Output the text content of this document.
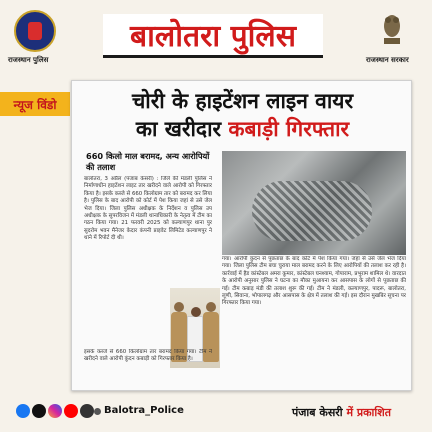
राजस्थान पुलिस
बालोतरा पुलिस
राजस्थान सरकार
न्यूज विंडो	चोरी के हाइटेंशन लाइन वायर
का खरीदार कबाड़ी गिरफ्तार
660 किलो माल बरामद, अन्य आरोपियों की तलाश
बालोतरा, 3 अप्रैल (पंजाब केसरी) : जिले की मंडली पुलिस ने निर्माणाधीन हाइटेंशन लाइट तार खरीदने वाले आरोपी को गिरफ्तार किया है। इसके कब्जे से 660 किलोग्राम तार को बरामद कर लिया है। पुलिस के बाद आरोपी को कोर्ट में पेश किया जहां से उसे जेल भेज दिया। जिला पुलिस अधीक्षक के निर्देशन व पुलिस उप अधीक्षक के सुपरविजन में मंडली थानाधिकारी के नेतृत्व में टीम का गठन किया गया। 21 फरवरी 2025 को कल्याणपुर थाना पुर सुदरोम भवन मैनेजर केदार कंपनी प्राइवेट लिमिटेड कल्याणपुर ने थाने में रिपोर्ट दी थी।
इसके कब्जे से 660 किलोग्राम तार बरामद किया गया। टीम ने खरीदने वाले आरोपी कुंदन कबाड़ी को गिरफ्तार किया है।
गया। आरोपी कुंदन से पूछताछ के बाद कोर्ट में पेश किया गया। जहां से उसे जेल भेज दिया गया। जिला पुलिस टीम बचा चुराया माल बरामद करने के लिए आरोपियों की तलाश कर रही है। कार्रवाई में हैड कांस्टेबल अमरा कुमार, कांस्टेबल घनश्याम, गोपाराम, प्रभुराम शामिल थे। वारदात के आरोपी अनुसार पुलिस ने घटना का मौका मुआयना कर आसपास के लोगों से पूछताछ की गई। टीम कबाड़ मंडी की तलाश शुरू की गई। टीम ने मंडली, कल्याणपुर, पादरू, बालोतरा, लूणी, सिवाना, भोपालगढ़ और आसपास के क्षेत्र में तलाश की गई। इस दौरान मुखबिर सूचना पर गिरफ्तार किया गया।
Balotra_Police	पंजाब केसरी में प्रकाशित
